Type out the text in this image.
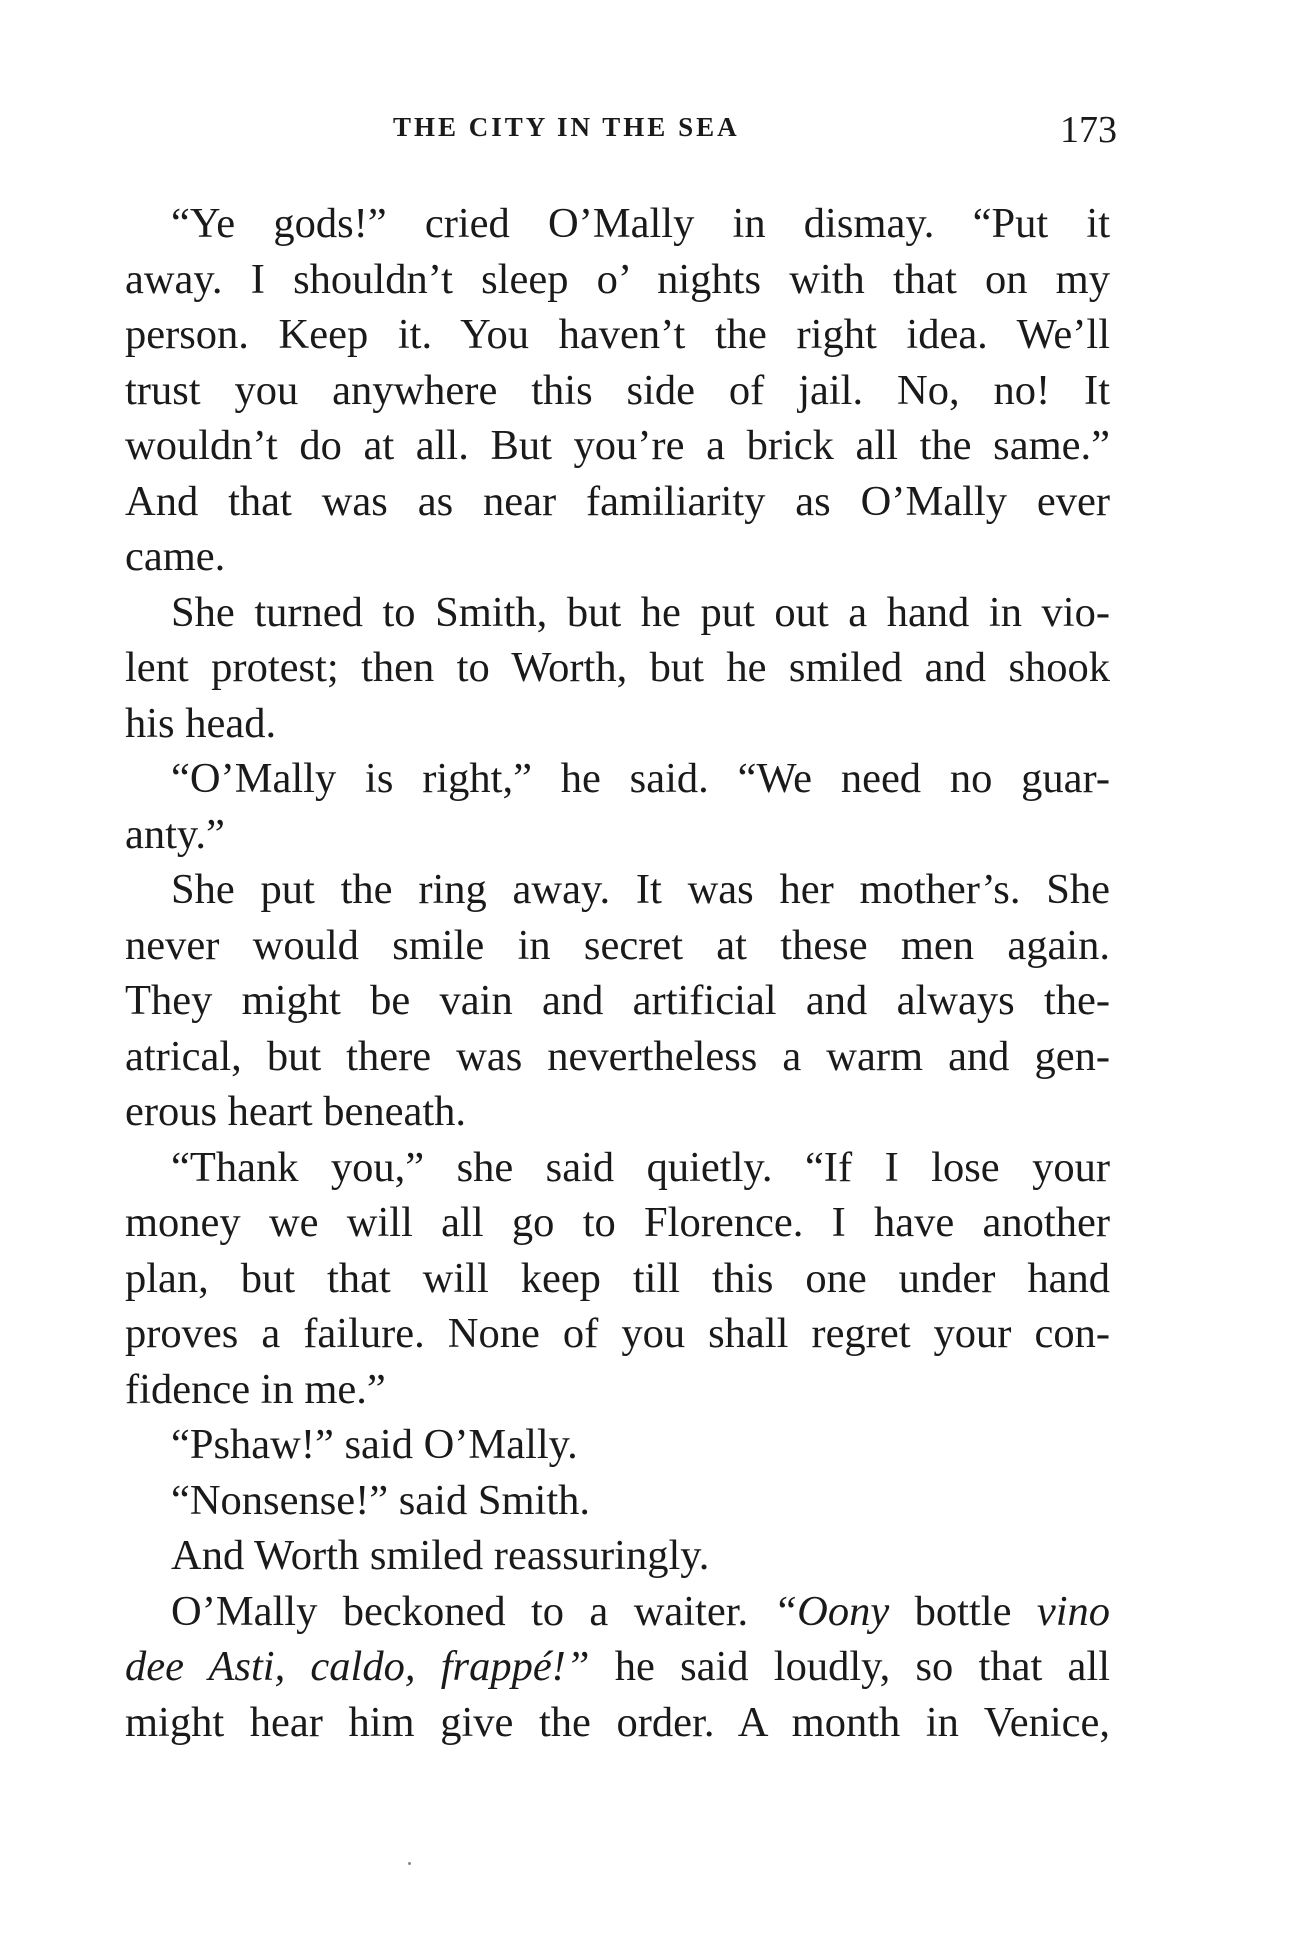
THE CITY IN THE SEA	173
“Ye gods!” cried O’Mally in dismay. “Put it
away. I shouldn’t sleep o’ nights with that on my
person. Keep it. You haven’t the right idea. We’ll
trust you anywhere this side of jail. No, no! It
wouldn’t do at all. But you’re a brick all the same.”
And that was as near familiarity as O’Mally ever
came.
She turned to Smith, but he put out a hand in vio-
lent protest; then to Worth, but he smiled and shook
his head.
“O’Mally is right,” he said. “We need no guar-
anty.”
She put the ring away. It was her mother’s. She
never would smile in secret at these men again.
They might be vain and artificial and always the-
atrical, but there was nevertheless a warm and gen-
erous heart beneath.
“Thank you,” she said quietly. “If I lose your
money we will all go to Florence. I have another
plan, but that will keep till this one under hand
proves a failure. None of you shall regret your con-
fidence in me.”
“Pshaw!” said O’Mally.
“Nonsense!” said Smith.
And Worth smiled reassuringly.
O’Mally beckoned to a waiter. “Oony bottle vino
dee Asti, caldo, frappé!” he said loudly, so that all
might hear him give the order. A month in Venice,
